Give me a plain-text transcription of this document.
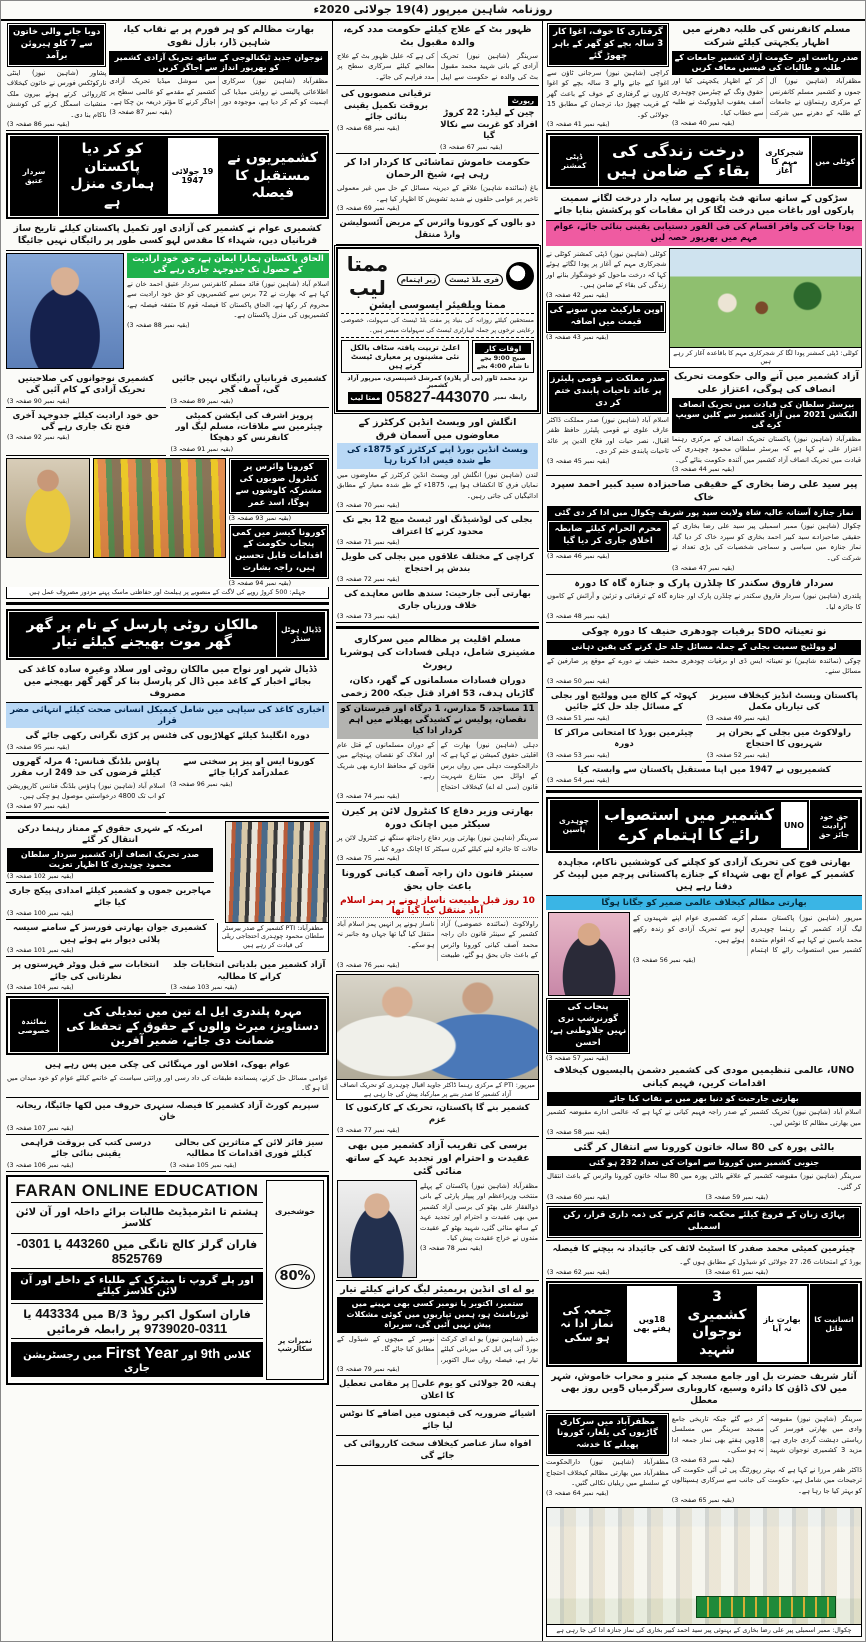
روزنامہ شاہین میرپور (4)19 جولائی 2020ء
مسلم کانفرنس کی طلبہ دھرنے میں اظہار یکجہتی کیلئے شرکت
صدر ریاست اور حکومت آزاد کشمیر جامعات کے طلبہ و طالبات کی فیسیں معاف کریں
مظفرآباد (شاہین نیوز) آل جموں و کشمیر مسلم کانفرنس کے مرکزی رہنماؤں نے جامعات کے طلبہ کے دھرنے میں شرکت کر کے اظہار یکجہتی کیا اور حقوق ونگ کے چیئرمین چوہدری آصف یعقوب ایڈووکیٹ نے طلبہ سے خطاب کیا۔
(بقیہ نمبر 40 صفحہ 3)
گرفتاری کا خوف، اغوا کار 3 سالہ بچے کو گھر کے باہر چھوڑ گئے
کراچی (شاہین نیوز) سرجانی ٹاؤن سے اغوا کیے جانے والے 3 سالہ بچے کو اغوا کاروں نے گرفتاری کے خوف کے باعث گھر کے قریب چھوڑ دیا، ترجمان کے مطابق 15 جولائی کو۔
(بقیہ نمبر 41 صفحہ 3)
کوٹلی میں
شجرکاری مہم کا آغاز
درخت زندگی کی بقاء کے ضامن ہیں
ڈپٹی کمشنر
سڑکوں کے ساتھ ساتھ فٹ پاتھوں پر سایہ دار درخت لگانے سمیت پارکوں اور باغات میں درخت لگا کر ان مقامات کو پرکشش بنایا جائے
پودا جات کی وافر اقسام کی فی الفور دستیابی یقینی بنائی جائے، عوام مہم میں بھرپور حصہ لیں
کوٹلی: ڈپٹی کمشنر پودا لگا کر شجرکاری مہم کا باقاعدہ آغاز کر رہے ہیں
کوٹلی (شاہین نیوز) ڈپٹی کمشنر کوٹلی نے شجرکاری مہم کے آغاز پر پودا لگاتے ہوئے کہا کہ درخت ماحول کو خوشگوار بنانے اور زندگی کی بقاء کے ضامن ہیں۔
(بقیہ نمبر 42 صفحہ 3)
اوپن مارکیٹ میں سونے کی قیمت میں اضافہ
(بقیہ نمبر 43 صفحہ 3)
آزاد کشمیر میں آنے والی حکومت تحریک انصاف کی ہوگی، اعتزاز علی
بیرسٹر سلطان کی قیادت میں تحریک انصاف الیکشن 2021 میں آزاد کشمیر سے کلین سویپ کرے گی
مظفرآباد (شاہین نیوز) پاکستان تحریک انصاف کے مرکزی رہنما اعتزاز علی نے کہا ہے کہ بیرسٹر سلطان محمود چوہدری کی قیادت میں تحریک انصاف آزاد کشمیر میں آئندہ حکومت بنائے گی۔
(بقیہ نمبر 44 صفحہ 3)
صدر مملکت نے قومی پلیئرز پر عائد تاحیات پابندی ختم کر دی
اسلام آباد (شاہین نیوز) صدر مملکت ڈاکٹر عارف علوی نے قومی پلیئرز حافظ ظفر اقبال، نصر حیات اور فلاح الدین پر عائد تاحیات پابندی ختم کر دی۔
(بقیہ نمبر 45 صفحہ 3)
پیر سید علی رضا بخاری کے حقیقی صاحبزادہ سید کبیر احمد سپرد خاک
نماز جنازہ آستانہ عالیہ شاہ ولایت سید پور شریف چکوال میں ادا کر دی گئی
چکوال (شاہین نیوز) ممبر اسمبلی پیر سید علی رضا بخاری کے حقیقی صاحبزادے سید کبیر احمد بخاری کو سپرد خاک کر دیا گیا، نماز جنازہ میں سیاسی و سماجی شخصیات کی بڑی تعداد نے شرکت کی۔
(بقیہ نمبر 47 صفحہ 3)
محرم الحرام کیلئے ضابطہ اخلاق جاری کر دیا گیا
(بقیہ نمبر 46 صفحہ 3)
سردار فاروق سکندر کا چلڈرن پارک و جنازہ گاہ کا دورہ
پلندری (شاہین نیوز) سردار فاروق سکندر نے چلڈرن پارک اور جنازہ گاہ کے ترقیاتی و تزئین و آرائش کے کاموں کا جائزہ لیا۔
(بقیہ نمبر 48 صفحہ 3)
نو تعیناتہ SDO برقیات چودھری حنیف کا دورہ چوکی
لو وولٹیج سمیت بجلی کے جملہ مسائل جلد حل کرنے کی یقین دہانی
چوکی (نمائندہ شاہین) نو تعیناتہ ایس ڈی او برقیات چودھری محمد حنیف نے دورے کے موقع پر صارفین کے مسائل سنے۔
(بقیہ نمبر 50 صفحہ 3)
پاکستان ویسٹ انڈیز کیخلاف سیریز کی تیاریاں مکمل
(بقیہ نمبر 49 صفحہ 3)
کہوٹہ کے کالج میں وولٹیج اور بجلی کے مسائل جلد حل کئے جائیں
(بقیہ نمبر 51 صفحہ 3)
راولاکوٹ میں بجلی کے بحران پر شہریوں کا احتجاج
(بقیہ نمبر 52 صفحہ 3)
چیئرمین بورڈ کا امتحانی مراکز کا دورہ
(بقیہ نمبر 53 صفحہ 3)
کشمیریوں نے 1947 میں اپنا مستقبل پاکستان سے وابستہ کیا
(بقیہ نمبر 54 صفحہ 3)
حق خود ارادیت جائز حق
UNO
کشمیر میں استصواب رائے کا اہتمام کرے
چوہدری یاسین
بھارتی فوج کی تحریک آزادی کو کچلنے کی کوششیں ناکام، مجاہدہ کشمیر کے عوام آج بھی شہداء کے جنازے پاکستانی پرچم میں لپیٹ کر دفنا رہے ہیں
بھارتی مظالم کیخلاف عالمی ضمیر کو جگانا ہوگا
میرپور (شاہین نیوز) پاکستان مسلم لیگ آزاد کشمیر کے رہنما چوہدری محمد یاسین نے کہا ہے کہ اقوام متحدہ کشمیر میں استصواب رائے کا اہتمام کرے، کشمیری عوام اپنے شہیدوں کے لہو سے تحریک آزادی کو زندہ رکھے ہوئے ہیں۔
(بقیہ نمبر 56 صفحہ 3)
پنجاب کی گورنرشپ نری نہیں جلاوطنی ہے، احسن
(بقیہ نمبر 57 صفحہ 3)
UNO، عالمی تنظیمیں مودی کی کشمیر دشمن پالیسیوں کیخلاف اقدامات کریں، فہیم کیانی
بھارتی جارحیت کو دنیا بھر میں بے نقاب کیا جائے
اسلام آباد (شاہین نیوز) تحریک کشمیر کے صدر راجہ فہیم کیانی نے کہا ہے کہ عالمی ادارے مقبوضہ کشمیر میں بھارتی مظالم کا نوٹس لیں۔
(بقیہ نمبر 58 صفحہ 3)
بالٹی پورہ کی 80 سالہ خاتون کورونا سے انتقال کر گئی
جنوبی کشمیر میں کورونا سے اموات کی تعداد 232 ہو گئی
سرینگر (شاہین نیوز) مقبوضہ کشمیر کے علاقے بالٹی پورہ میں 80 سالہ خاتون کورونا وائرس کے باعث انتقال کر گئی۔
(بقیہ نمبر 59 صفحہ 3)
(بقیہ نمبر 60 صفحہ 3)
پہاڑی زبان کے فروغ کیلئے محکمہ قائم کرنے کی ذمہ داری قرار، رکن اسمبلی
چیئرمین کمیٹی محمد صفدر کا اسٹیٹ لائف کی جائیداد نہ بیچنے کا فیصلہ
بورڈ کے امتحانات 26، 27 جولائی کو شیڈول کے مطابق ہوں گے۔
(بقیہ نمبر 61 صفحہ 3)
(بقیہ نمبر 62 صفحہ 3)
انسانیت کا قاتل
بھارت باز نہ آیا
3 کشمیری نوجوان شہید
18ویں ہفتے بھی
جمعہ کی نماز ادا نہ ہو سکی
آثار شریف حضرت بل اور جامع مسجد کے منبر و محراب خاموش، شہر میں لاک ڈاؤن کا دائرہ وسیع، کاروباری سرگرمیاں 5ویں روز بھی معطل
سرینگر (شاہین نیوز) مقبوضہ وادی میں بھارتی فورسز کی ریاستی دہشت گردی جاری ہے، مزید 3 کشمیری نوجوان شہید کر دیے گئے جبکہ تاریخی جامع مسجد سرینگر میں مسلسل 18ویں ہفتے بھی نماز جمعہ ادا نہ ہو سکی۔
(بقیہ نمبر 63 صفحہ 3)
ڈاکٹر ظفر مرزا نے کہا ہے کہ بہتر رپورٹنگ پی ٹی آئی حکومت کی ترجیحات میں شامل ہے، حکومت کی جانب سے سرکاری ہسپتالوں کو بہتر کیا جا رہا ہے۔
(بقیہ نمبر 65 صفحہ 3)
مظفرآباد میں سرکاری گاڑیوں کی یلغار، کورونا پھیلنے کا خدشہ
مظفرآباد (شاہین نیوز) دارالحکومت مظفرآباد میں بھارتی مظالم کیخلاف احتجاج کے سلسلے میں ریلیاں نکالی گئیں۔
(بقیہ نمبر 64 صفحہ 3)
چکوال: ممبر اسمبلی پیر علی رضا بخاری کے بہنوئی پیر سید احمد کبیر بخاری کی نماز جنازہ ادا کی جا رہی ہے
ظہور بٹ کے علاج کیلئے حکومت مدد کرے، والدہ مقبول بٹ
سرینگر (شاہین نیوز) تحریک آزادی کے بانی شہید محمد مقبول بٹ کی والدہ نے حکومت سے اپیل کی ہے کہ علیل ظہور بٹ کے علاج معالجے کیلئے سرکاری سطح پر مدد فراہم کی جائے۔
رپورٹ
چین کے لیڈر: 22 کروڑ افراد کو غربت سے نکالا گیا
(بقیہ نمبر 67 صفحہ 3)
ترقیاتی منصوبوں کی بروقت تکمیل یقینی بنائی جائے
(بقیہ نمبر 68 صفحہ 3)
حکومت خاموش تماشائی کا کردار ادا کر رہی ہے، شیخ الرحمان
باغ (نمائندہ شاہین) علاقے کے دیرینہ مسائل کے حل میں غیر معمولی تاخیر پر عوامی حلقوں نے شدید تشویش کا اظہار کیا ہے۔
(بقیہ نمبر 69 صفحہ 3)
دو بالوں کے کورونا وائرس کے مریض آئسولیشن وارڈ منتقل
فری بلڈ ٹیسٹ زیر اہتمام
ممتا لیب
ممتا ویلفیئر ایسوسی ایشن
مستحقین کیلئے روزانہ کی بنیاد پر مفت بلڈ ٹیسٹ کی سہولت، خصوصی رعایتی نرخوں پر جملہ لیبارٹری ٹیسٹ کی سہولیات میسر ہیں۔
اوقات کار
صبح 9:00 بجے
تا شام 4:00 بجے
اعلیٰ تربیت یافتہ سٹاف بالکل نئی مشینوں پر معیاری ٹیسٹ کرتے ہیں
نزد محمد ٹاور (بی آر پلازہ) کمرشل ڈسپنسری، میرپور آزاد کشمیر
رابطہ نمبر
05827-443070
ممتا لیب
انگلش اور ویسٹ انڈین کرکٹرز کے معاوضوں میں آسمان فرق
ویسٹ انڈین بورڈ اپنے کرکٹرز کو 1875ء کی طے شدہ فیس ادا کرتا رہا
لندن (شاہین نیوز) انگلش اور ویسٹ انڈین کرکٹرز کے معاوضوں میں نمایاں فرق کا انکشاف ہوا ہے، 1875ء کے طے شدہ معیار کے مطابق ادائیگیاں کی جاتی رہیں۔
(بقیہ نمبر 70 صفحہ 3)
بجلی کی لوڈشیڈنگ اور ٹیسٹ میچ 12 بجے تک محدود کرنے کا اعتراف
(بقیہ نمبر 71 صفحہ 3)
کراچی کے مختلف علاقوں میں بجلی کی طویل بندش پر احتجاج
(بقیہ نمبر 72 صفحہ 3)
بھارتی آبی جارحیت: سندھ طاس معاہدے کی خلاف ورزیاں جاری
(بقیہ نمبر 73 صفحہ 3)
مسلم اقلیت پر مظالم میں سرکاری مشینری شامل، دہلی فسادات کی ہوشربا رپورٹ
دوران فسادات مسلمانوں کے گھر، دکان، گاڑیاں ہدف، 53 افراد قتل جبکہ 200 زخمی
11 مساجد، 5 مدارس، 1 درگاہ اور قبرستان کو نقصان، پولیس نے کشیدگی پھیلانے میں اہم کردار ادا کیا
دہلی (شاہین نیوز) بھارت کے اقلیتی حقوق کمیشن نے کہا ہے کہ دارالحکومت دہلی میں رواں برس کے اوائل میں متنازع شہریت قانون (سی اے اے) کیخلاف احتجاج کے دوران مسلمانوں کے قتل عام اور املاک کو نقصان پہنچانے میں قانون کے محافظ ادارے بھی شریک رہے۔
(بقیہ نمبر 74 صفحہ 3)
بھارتی وزیر دفاع کا کنٹرول لائن پر کیرن سیکٹر میں اچانک دورہ
سرینگر (شاہین نیوز) بھارتی وزیر دفاع راجناتھ سنگھ نے کنٹرول لائن پر حالات کا جائزہ لینے کیلئے کیرن سیکٹر کا اچانک دورہ کیا۔
(بقیہ نمبر 75 صفحہ 3)
سینئر قانون دان راجہ آصف کیانی کورونا باعث جاں بحق
10 روز قبل طبیعت ناساز ہونے پر پمز اسلام آباد منتقل کیا گیا تھا
راولاکوٹ (نمائندہ خصوصی) آزاد کشمیر کے سینئر قانون دان راجہ محمد آصف کیانی کورونا وائرس کے باعث جاں بحق ہو گئے، طبیعت ناساز ہونے پر انہیں پمز اسلام آباد منتقل کیا گیا تھا جہاں وہ جانبر نہ ہو سکے۔
(بقیہ نمبر 76 صفحہ 3)
میرپور: PTI کے مرکزی رہنما ڈاکٹر جاوید اقبال چوہدری کو تحریک انصاف آزاد کشمیر کا صدر بننے پر مبارکباد پیش کی جا رہی ہے
کشمیر بنے گا پاکستان، تحریک کے کارکنوں کا عزم
(بقیہ نمبر 77 صفحہ 3)
برسی کی تقریب آزاد کشمیر میں بھی عقیدت و احترام اور تجدید عہد کے ساتھ منائی گئی
مظفرآباد (شاہین نیوز) پاکستان کے پہلے منتخب وزیراعظم اور پیپلز پارٹی کے بانی ذوالفقار علی بھٹو کی برسی آزاد کشمیر میں بھی عقیدت و احترام اور تجدید عہد کے ساتھ منائی گئی، شہید بھٹو کے عقیدت مندوں نے خراج عقیدت پیش کیا۔
(بقیہ نمبر 78 صفحہ 3)
یو اے ای انڈین پریمیئر لیگ کرانے کیلئے تیار
ستمبر، اکتوبر یا نومبر کسی بھی مہینے میں ٹورنامنٹ ہو، ہمیں تیاریوں میں کوئی مشکلات پیش نہیں آئیں گی، سربراہ
دبئی (شاہین نیوز) یو اے ای کرکٹ بورڈ آئی پی ایل کی میزبانی کیلئے تیار ہے، فیصلہ رواں سال اکتوبر، نومبر کے میچوں کے شیڈول کے مطابق کیا جائے گا۔
(بقیہ نمبر 79 صفحہ 3)
ہفتہ 20 جولائی کو یوم علیؓ پر مقامی تعطیل کا اعلان
اشیائے ضروریہ کی قیمتوں میں اضافے کا نوٹس لیا جائے
افواہ ساز عناصر کیخلاف سخت کارروائی کی جائے گی
بھارت مظالم کو ہر فورم پر بے نقاب کیا، شاہین ڈار، بازل نقوی
نوجوان جدید ٹیکنالوجی کے ساتھ تحریک آزادی کشمیر کو بھرپور انداز سے اجاگر کریں
مظفرآباد (شاہین نیوز) سرکاری اطلاعاتی پالیسی نے روایتی میڈیا کی اہمیت کو کم کر دیا ہے، موجودہ دور میں سوشل میڈیا تحریک آزادی کشمیر کے مقدمے کو عالمی سطح پر اجاگر کرنے کا مؤثر ذریعہ بن چکا ہے۔
(بقیہ نمبر 87 صفحہ 3)
دوبا جانے والی خاتون سے 7 کلو ہیروئن برآمد
پشاور (شاہین نیوز) اینٹی نارکوٹکس فورس نے خاتون کیخلاف کارروائی کرتے ہوئے بیرون ملک منشیات اسمگل کرنے کی کوشش ناکام بنا دی۔
(بقیہ نمبر 86 صفحہ 3)
کشمیریوں نے مستقبل کا فیصلہ
19 جولائی 1947
کو کر دیا پاکستان ہماری منزل ہے
سردار عتیق
کشمیری عوام نے کشمیر کی آزادی اور تکمیل پاکستان کیلئے تاریخ ساز قربانیاں دیں، شہداء کا مقدس لہو کسی طور پر رائیگاں نہیں جائیگا
الحاق پاکستان ہمارا ایمان ہے، حق خود ارادیت کے حصول تک جدوجہد جاری رہے گی
اسلام آباد (شاہین نیوز) قائد مسلم کانفرنس سردار عتیق احمد خان نے کہا ہے کہ بھارت نے 72 برس سے کشمیریوں کو حق خود ارادیت سے محروم کر رکھا ہے، الحاق پاکستان کا فیصلہ قوم کا متفقہ فیصلہ ہے، کشمیریوں کی منزل پاکستان ہے۔
(بقیہ نمبر 88 صفحہ 3)
کشمیری قربانیاں رائیگاں نہیں جائیں گی، آصف گجر
(بقیہ نمبر 89 صفحہ 3)
کشمیری نوجوانوں کی صلاحیتیں تحریک آزادی کے کام آئیں گی
(بقیہ نمبر 90 صفحہ 3)
پرویز اشرف کی ایکشن کمیٹی چیئرمین سے ملاقات، مسلم لیگ اور کانفرنس کو دھچکا
(بقیہ نمبر 91 صفحہ 3)
حق خود ارادیت کیلئے جدوجہد آخری فتح تک جاری رہے گی
(بقیہ نمبر 92 صفحہ 3)
کورونا وائرس پر کنٹرول صوبوں کی مشترکہ کاوشوں سے ہوگا، اسد عمر
(بقیہ نمبر 93 صفحہ 3)
کورونا کیسز میں کمی پنجاب حکومت کے اقدامات قابل تحسین ہیں، راجہ بشارت
(بقیہ نمبر 94 صفحہ 3)
جہلم: 500 کروڑ روپے کی لاگت کے منصوبے پر ہیلمٹ اور حفاظتی ماسک پہنے مزدور مصروف عمل ہیں
ڈڈیال ہوٹل سنڈر
مالکان روٹی پارسل کے نام پر گھر گھر موت بھیجنے کیلئے تیار
ڈڈیال شہر اور نواح میں مالکان روٹی اور سلاد وغیرہ سادہ کاغذ کی بجائے اخبار کے کاغذ میں ڈال کر پارسل بنا کر گھر گھر بھیجنے میں مصروف
اخباری کاغذ کی سیاہی میں شامل کیمیکل انسانی صحت کیلئے انتہائی مضر قرار
دورہ انگلینڈ کیلئے کھلاڑیوں کی فٹنس پر کڑی نگرانی رکھی جائے گی
(بقیہ نمبر 95 صفحہ 3)
کورونا ایس او پیز پر سختی سے عملدرآمد کرایا جائے
(بقیہ نمبر 96 صفحہ 3)
ہاؤس بلڈنگ فنانس: 4 مرلہ گھروں کیلئے قرضوں کی حد 249 ارب مقرر
اسلام آباد (شاہین نیوز) ہاؤس بلڈنگ فنانس کارپوریشن کو اب تک 4800 درخواستیں موصول ہو چکی ہیں۔
(بقیہ نمبر 97 صفحہ 3)
مظفرآباد: PTI کشمیر کے صدر بیرسٹر سلطان محمود چوہدری احتجاجی ریلی کی قیادت کر رہے ہیں
امریکہ کے شہری حقوق کے ممتاز رہنما درکن انتقال کر گئے
صدر تحریک انصاف آزاد کشمیر سردار سلطان محمود چوہدری کا اظہار تعزیت
(بقیہ نمبر 102 صفحہ 3)
مہاجرین جموں و کشمیر کیلئے امدادی پیکج جاری کیا جائے
(بقیہ نمبر 100 صفحہ 3)
کشمیری جوان بھارتی فورسز کے سامنے سیسہ پلائی دیوار بنے ہوئے ہیں
(بقیہ نمبر 101 صفحہ 3)
آزاد کشمیر میں بلدیاتی انتخابات جلد کرانے کا مطالبہ
(بقیہ نمبر 103 صفحہ 3)
انتخابات سے قبل ووٹر فہرستوں پر نظرثانی کی جائے
(بقیہ نمبر 104 صفحہ 3)
مہرہ پلندری ایل اے تین میں تبدیلی کی دستاویز، میرٹ والوں کے حقوق کے تحفظ کی ضمانت دی جائے، ضمیر آفرین
نمائندہ خصوصی
عوام بھوک، افلاس اور مہنگائی کی چکی میں پس رہے ہیں
عوامی مسائل حل کرنے، پسماندہ طبقات کی داد رسی اور وراثتی سیاست کے خاتمے کیلئے عوام کو خود میدان میں آنا ہو گا۔
سپریم کورٹ آزاد کشمیر کا فیصلہ سنہری حروف میں لکھا جائیگا، ریحانہ خان
(بقیہ نمبر 107 صفحہ 3)
سیز فائر لائن کے متاثرین کی بحالی کیلئے فوری اقدامات کا مطالبہ
(بقیہ نمبر 105 صفحہ 3)
درسی کتب کی بروقت فراہمی یقینی بنائی جائے
(بقیہ نمبر 106 صفحہ 3)
خوشخبری
80%
نمبرات پر سکالرشپ
FARAN ONLINE EDUCATION
ہشتم تا انٹرمیڈیٹ طالبات برائے داخلہ اور آن لائن کلاسز
فاران گرلز کالج تانگی میں 443260 یا 0301-8525769
اور پلے گروپ تا میٹرک کے طلباء کے داخلے اور آن لائن کلاسز کیلئے
فاران اسکول اکبر روڈ B/3 میں 443334 یا 0311-9739020 پر رابطہ فرمائیں
کلاس 9th اور First Year میں رجسٹریشن جاری
